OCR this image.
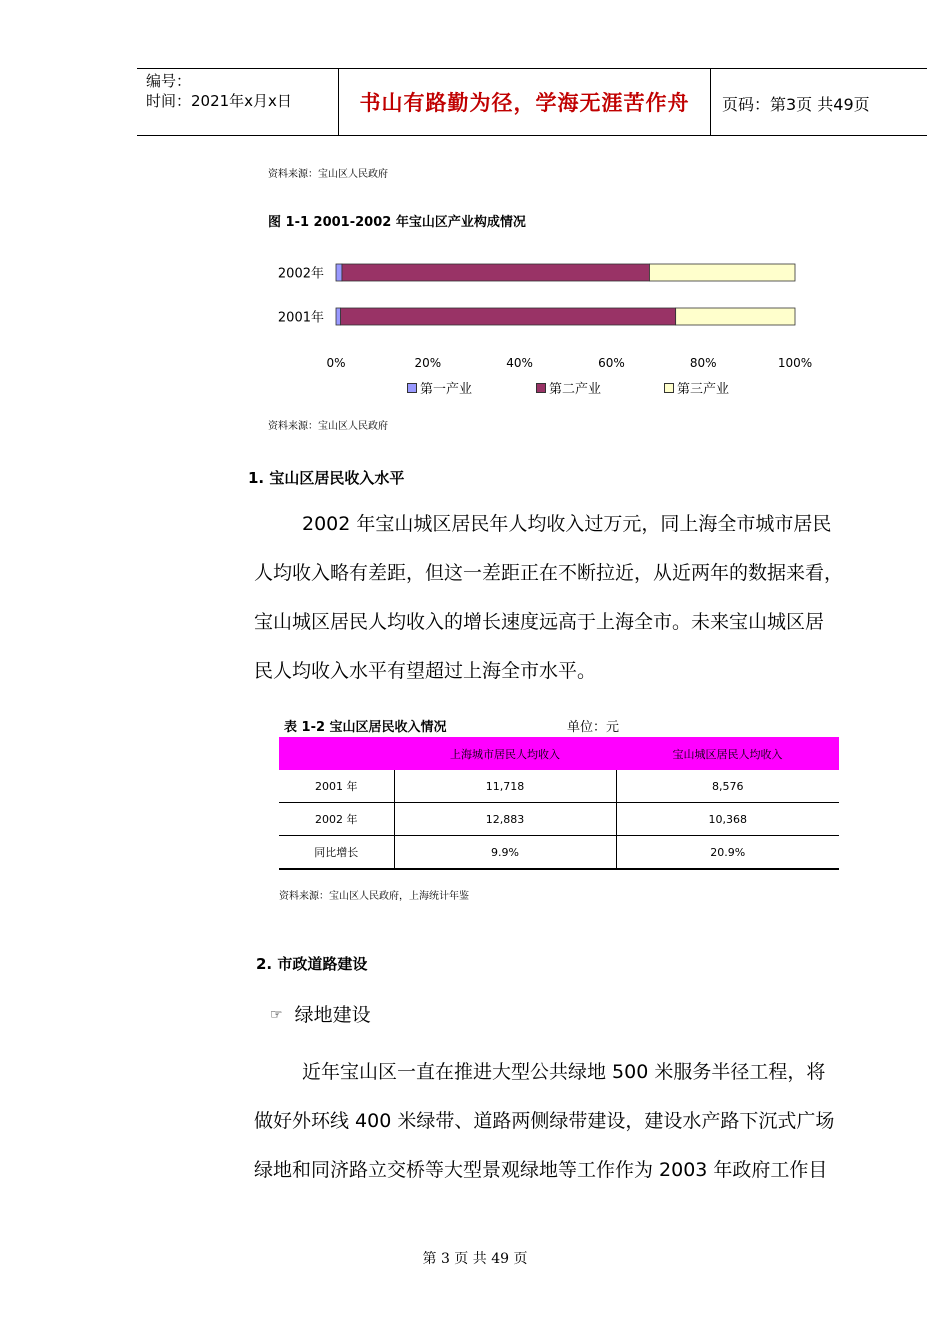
编号：
时间：2021年x月x日	书山有路勤为径，学海无涯苦作舟	页码：第3页 共49页
资料来源：宝山区人民政府
图 1-1 2001-2002 年宝山区产业构成情况
2002年
2001年
0%	20%	40%	60%	80%	100%
第一产业	第二产业	第三产业
资料来源：宝山区人民政府
1. 宝山区居民收入水平
2002 年宝山城区居民年人均收入过万元，同上海全市城市居民
人均收入略有差距，但这一差距正在不断拉近，从近两年的数据来看，
宝山城区居民人均收入的增长速度远高于上海全市。未来宝山城区居
民人均收入水平有望超过上海全市水平。
表 1-2 宝山区居民收入情况	单位：元
	上海城市居民人均收入	宝山城区居民人均收入
2001 年	11,718	8,576
2002 年	12,883	10,368
同比增长	9.9%	20.9%
资料来源：宝山区人民政府，上海统计年鉴
2. 市政道路建设
☞ 绿地建设
近年宝山区一直在推进大型公共绿地 500 米服务半径工程，将
做好外环线 400 米绿带、道路两侧绿带建设，建设水产路下沉式广场
绿地和同济路立交桥等大型景观绿地等工作作为 2003 年政府工作目
第 3 页 共 49 页
